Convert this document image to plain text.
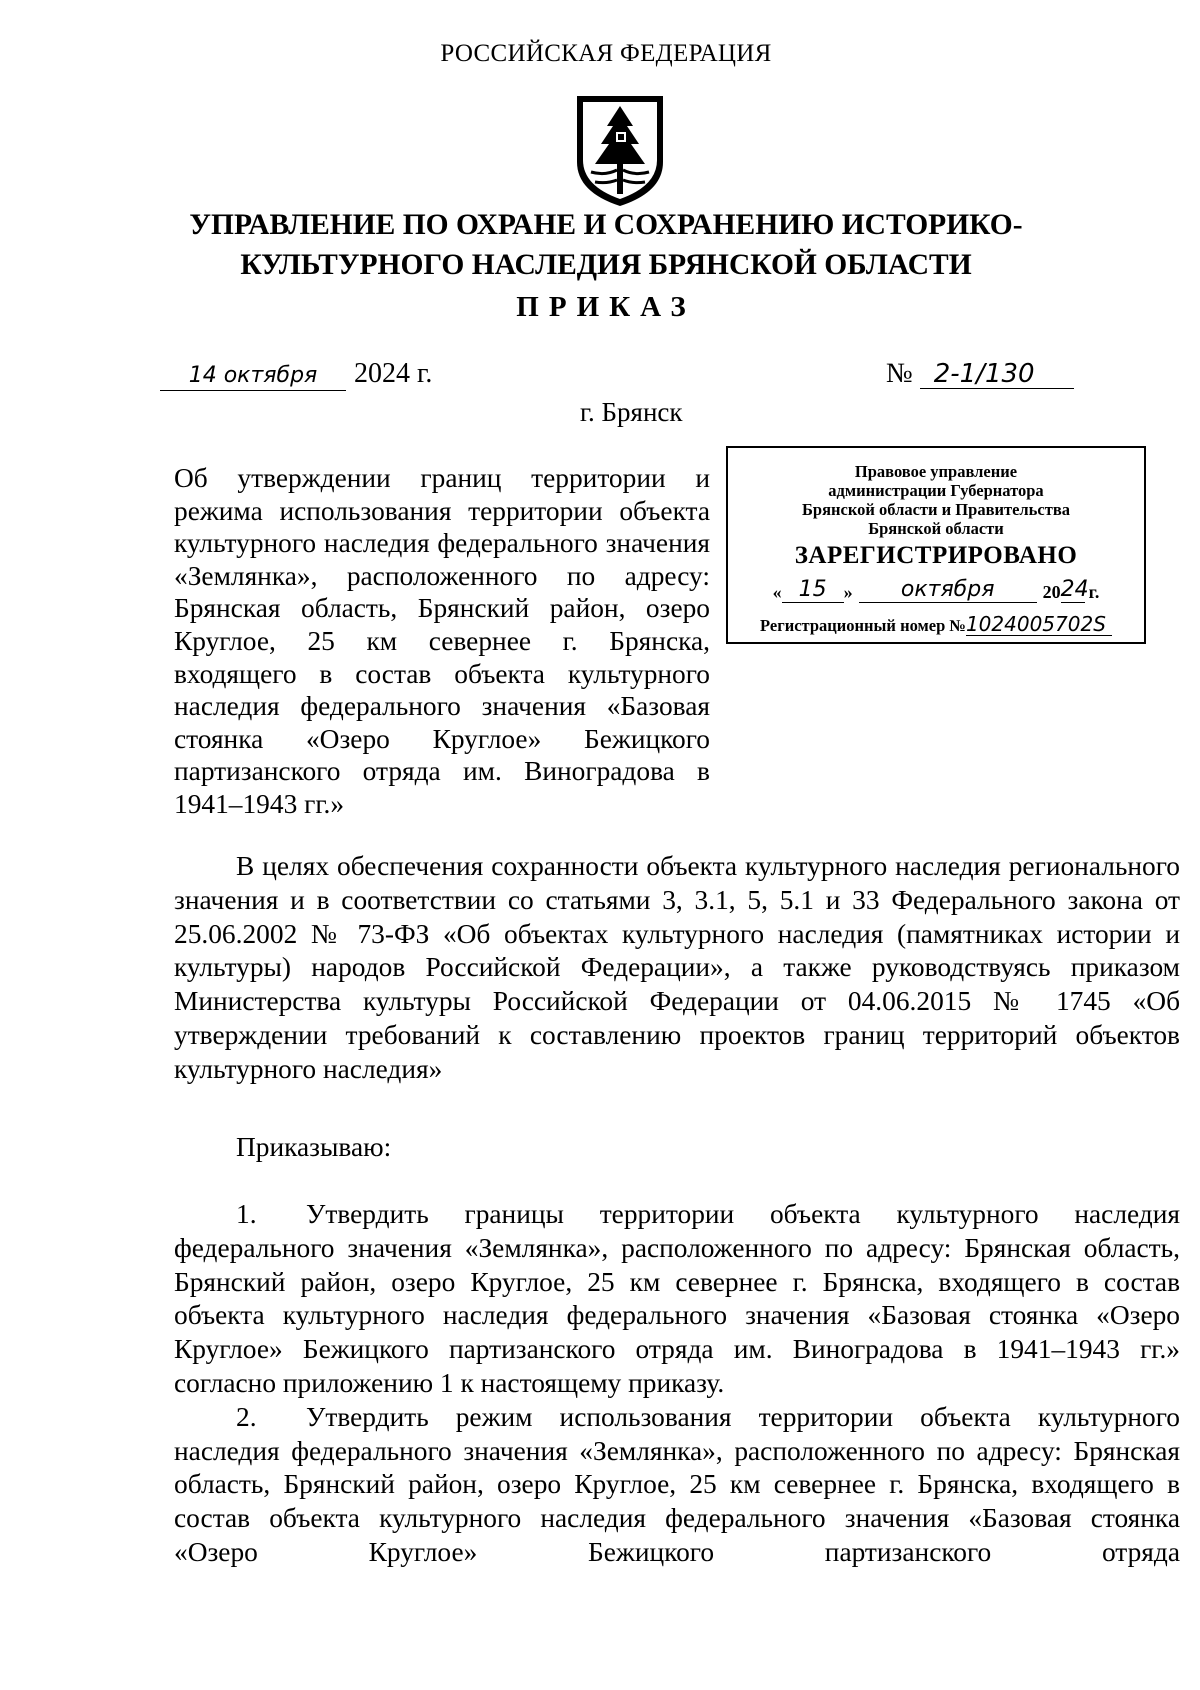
РОССИЙСКАЯ ФЕДЕРАЦИЯ
УПРАВЛЕНИЕ ПО ОХРАНЕ И СОХРАНЕНИЮ ИСТОРИКО-
КУЛЬТУРНОГО НАСЛЕДИЯ БРЯНСКОЙ ОБЛАСТИ
ПРИКАЗ
14 октября 2024 г.	№ 2-1/130
г. Брянск
Об утверждении границ территории и режима использования территории объекта культурного наследия федерального значения «Землянка», расположенного по адресу: Брянская область, Брянский район, озеро Круглое, 25 км севернее г. Брянска, входящего в состав объекта культурного наследия федерального значения «Базовая стоянка «Озеро Круглое» Бежицкого партизанского отряда им. Виноградова в 1941–1943 гг.»
Правовое управление
администрации Губернатора
Брянской области и Правительства
Брянской области
ЗАРЕГИСТРИРОВАНО
« 15 »	октября	20 24 г.
Регистрационный номер № 1024005702S
В целях обеспечения сохранности объекта культурного наследия регионального значения и в соответствии со статьями 3, 3.1, 5, 5.1 и 33 Федерального закона от 25.06.2002 № 73-ФЗ «Об объектах культурного наследия (памятниках истории и культуры) народов Российской Федерации», а также руководствуясь приказом Министерства культуры Российской Федерации от 04.06.2015 № 1745 «Об утверждении требований к составлению проектов границ территорий объектов культурного наследия»
Приказываю:
1. Утвердить границы территории объекта культурного наследия федерального значения «Землянка», расположенного по адресу: Брянская область, Брянский район, озеро Круглое, 25 км севернее г. Брянска, входящего в состав объекта культурного наследия федерального значения «Базовая стоянка «Озеро Круглое» Бежицкого партизанского отряда им. Виноградова в 1941–1943 гг.» согласно приложению 1 к настоящему приказу.
2. Утвердить режим использования территории объекта культурного наследия федерального значения «Землянка», расположенного по адресу: Брянская область, Брянский район, озеро Круглое, 25 км севернее г. Брянска, входящего в состав объекта культурного наследия федерального значения «Базовая стоянка «Озеро Круглое» Бежицкого партизанского отряда
